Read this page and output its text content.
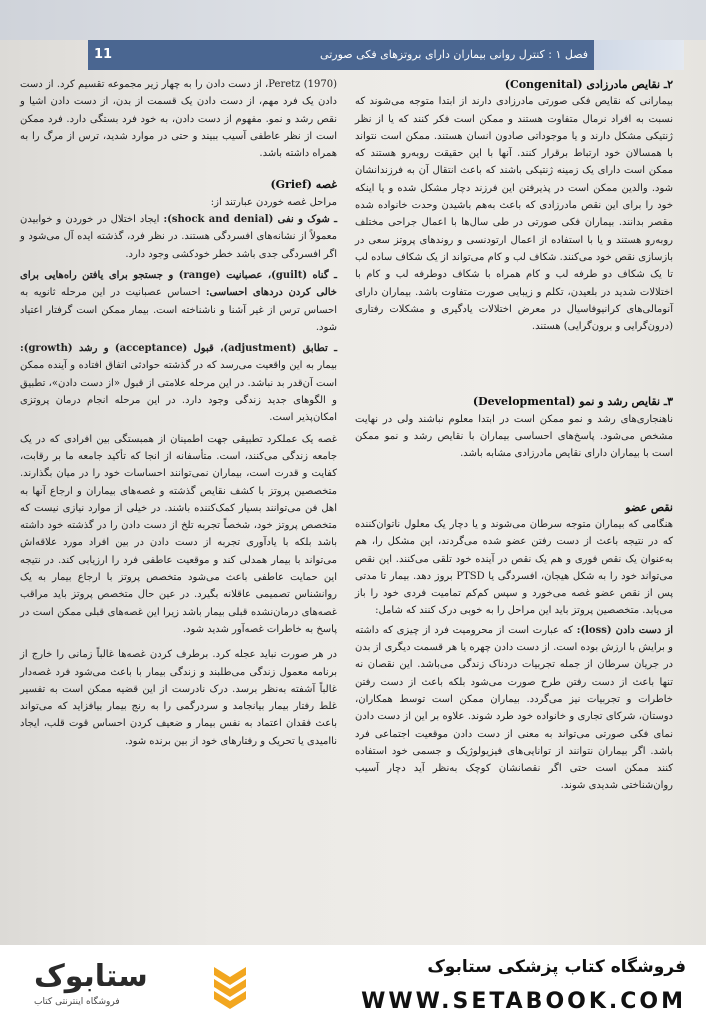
11	فصل ۱ : کنترل روانی بیماران دارای بروتزهای فکی صورتی
۲ـ نقایص مادرزادی (Congenital)

بیمارانی که نقایص فکی صورتی مادرزادی دارند از ابتدا متوجه می‌شوند که نسبت به افراد نرمال متفاوت هستند و ممکن است فکر کنند که یا از نظر ژنتیکی مشکل دارند و یا موجوداتی صادون انسان هستند. ممکن است نتواند با همسالان خود ارتباط برقرار کنند. آنها با این حقیقت روبه‌رو هستند که ممکن است دارای یک زمینه ژنتیکی باشند که باعث انتقال آن به فرزندانشان شود. والدین ممکن است در پذیرفتن این فرزند دچار مشکل شده و یا اینکه خود را برای این نقص مادرزادی که باعث به‌هم باشیدن وحدت خانواده شده مقصر بدانند. بیماران فکی صورتی در طی سال‌ها با اعمال جراحی مختلف روبه‌رو هستند و یا با استفاده از اعمال ارتودنسی و روندهای پروتز سعی در بازسازی نقص خود می‌کنند. شکاف لب و کام می‌تواند از یک شکاف ساده لب تا یک شکاف دو طرفه لب و کام همراه با شکاف دوطرفه لب و کام با اختلالات شدید در بلعیدن، تکلم و زیبایی صورت متفاوت باشد. بیماران دارای آنومالی‌های کرانیوفاسیال در معرض اختلالات یادگیری و مشکلات رفتاری (درون‌گرایی و برون‌گرایی) هستند.

۳ـ نقایص رشد و نمو (Developmental)

ناهنجاری‌های رشد و نمو ممکن است در ابتدا معلوم نباشند ولی در نهایت مشخص می‌شود. پاسخ‌های احساسی بیماران با نقایص رشد و نمو ممکن است با بیماران دارای نقایص مادرزادی مشابه باشد.

نقص عضو

هنگامی که بیماران متوجه سرطان می‌شوند و یا دچار یک معلول ناتوان‌کننده که در نتیجه باعث از دست رفتن عضو شده می‌گردند، این مشکل را، هم به‌عنوان یک نقص فوری و هم یک نقص در آینده خود تلقی می‌کنند. این نقص می‌تواند خود را به شکل هیجان، افسردگی یا PTSD بروز دهد. بیمار تا مدتی پس از نقص عضو غصه می‌خورد و سپس کم‌کم تمامیت فردی خود را باز می‌یابد. متخصصین پروتز باید این مراحل را به خوبی درک کنند که شامل:

از دست دادن (loss): که عبارت است از محرومیت فرد از چیزی که داشته و برایش با ارزش بوده است. از دست دادن چهره یا هر قسمت دیگری از بدن در جریان سرطان از جمله تجربیات دردناک زندگی می‌باشد. این نقصان نه تنها باعث از دست رفتن طرح صورت می‌شود بلکه باعث از دست رفتن خاطرات و تجربیات نیز می‌گردد. بیماران ممکن است توسط همکاران، دوستان، شرکای تجاری و خانواده خود طرد شوند. علاوه بر این از دست دادن نمای فکی صورتی می‌تواند به معنی از دست دادن موقعیت اجتماعی فرد باشد. اگر بیماران نتوانند از توانایی‌های فیزیولوژیک و جسمی خود استفاده کنند ممکن است حتی اگر نقصانشان کوچک به‌نظر آید دچار آسیب روان‌شناختی شدیدی شوند.

(Peretz (1970، از دست دادن را به چهار زیر مجموعه تقسیم کرد. از دست دادن یک فرد مهم، از دست دادن یک قسمت از بدن، از دست دادن اشیا و نقص رشد و نمو. مفهوم از دست دادن، به خود فرد بستگی دارد. فرد ممکن است از نظر عاطفی آسیب ببیند و حتی در موارد شدید، ترس از مرگ را به همراه داشته باشد.

غصه (Grief)

مراحل غصه خوردن عبارتند از:

ـ شوک و نفی (shock and denial): ایجاد اختلال در خوردن و خوابیدن معمولاً از نشانه‌های افسردگی هستند. در نظر فرد، گذشته ایده آل می‌شود و اگر افسردگی جدی باشد خطر خودکشی وجود دارد.

ـ گناه (guilt)، عصبانیت (range) و جستجو برای یافتن راه‌هایی برای خالی کردن دردهای احساسی: احساس عصبانیت در این مرحله ثانویه به احساس ترس از غیر آشنا و ناشناخته است. بیمار ممکن است گرفتار اعتیاد شود.

ـ تطابق (adjustment)، قبول (acceptance) و رشد (growth): بیمار به این واقعیت می‌رسد که در گذشته حوادثی اتفاق افتاده و آینده ممکن است آن‌قدر بد نباشد. در این مرحله علامتی از قبول «از دست دادن»، تطبیق و الگوهای جدید زندگی وجود دارد. در این مرحله انجام درمان پروتزی امکان‌پذیر است.

غصه یک عملکرد تطبیقی جهت اطمینان از همبستگی بین افرادی که در یک جامعه زندگی می‌کنند، است. متأسفانه از انجا که تأکید جامعه ما بر رقابت، کفایت و قدرت است، بیماران نمی‌توانند احساسات خود را در میان بگذارند. متخصصین پروتز با کشف نقایص گذشته و غصه‌های بیماران و ارجاع آنها به اهل فن می‌توانند بسیار کمک‌کننده باشند. در خیلی از موارد نیازی نیست که متخصص پروتز خود، شخصاً تجربه تلخ از دست دادن را در گذشته خود داشته باشد بلکه با یادآوری تجربه از دست دادن در بین افراد مورد علاقه‌اش می‌تواند با بیمار همدلی کند و موقعیت عاطفی فرد را ارزیابی کند. در نتیجه این حمایت عاطفی باعث می‌شود متخصص پروتز با ارجاع بیمار به یک روانشناس تصمیمی عاقلانه بگیرد. در عین حال متخصص پروتز باید مراقب غصه‌های درمان‌نشده قبلی بیمار باشد زیرا این غصه‌های قبلی ممکن است در پاسخ به خاطرات غصه‌آور شدید شود.

در هر صورت نباید عجله کرد. برطرف کردن غصه‌ها غالباً زمانی را خارج از برنامه معمول زندگی می‌طلبند و زندگی بیمار با باعث می‌شود فرد غصه‌دار غالباً آشفته به‌نظر برسد. درک نادرست از این قضیه ممکن است به تفسیر غلط رفتار بیمار بیانجامد و سردرگمی را به رنج بیمار بیافزاید که می‌تواند باعث فقدان اعتماد به نفس بیمار و ضعیف کردن احساس قوت قلب، ایجاد ناامیدی یا تحریک و رفتارهای خود از بین برنده شود.

ستابوک
فروشگاه اینترنتی کتاب
فروشگاه کتاب پزشکی ستابوک
WWW.SETABOOK.COM
